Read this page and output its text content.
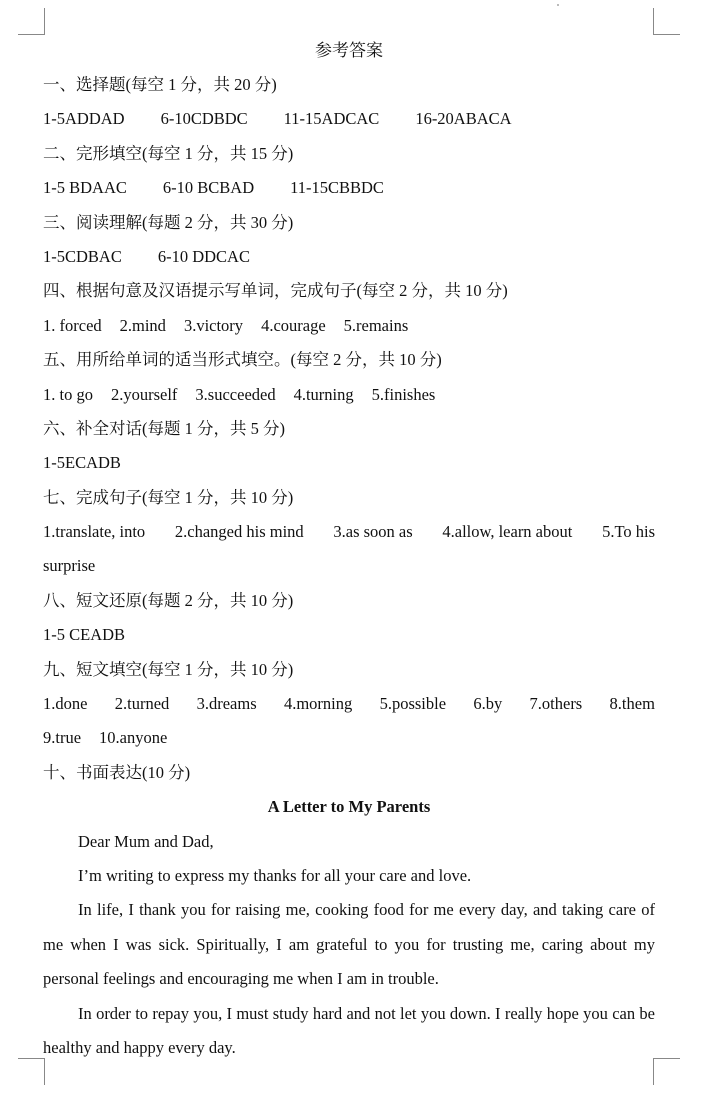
参考答案
一、选择题(每空 1 分，共 20 分)
1-5ADDAD 6-10CDBDC 11-15ADCAC 16-20ABACA
二、完形填空(每空 1 分，共 15 分)
1-5 BDAAC 6-10 BCBAD 11-15CBBDC
三、阅读理解(每题 2 分，共 30 分)
1-5CDBAC 6-10 DDCAC
四、根据句意及汉语提示写单词，完成句子(每空 2 分，共 10 分)
1. forced 2.mind 3.victory 4.courage 5.remains
五、用所给单词的适当形式填空。(每空 2 分，共 10 分)
1. to go 2.yourself 3.succeeded 4.turning 5.finishes
六、补全对话(每题 1 分，共 5 分)
1-5ECADB
七、完成句子(每空 1 分，共 10 分)
1.translate, into 2.changed his mind 3.as soon as 4.allow, learn about 5.To his
surprise
八、短文还原(每题 2 分，共 10 分)
1-5 CEADB
九、短文填空(每空 1 分，共 10 分)
1.done 2.turned 3.dreams 4.morning 5.possible 6.by 7.others 8.them
9.true 10.anyone
十、书面表达(10 分)
A Letter to My Parents

Dear Mum and Dad,

I’m writing to express my thanks for all your care and love.

In life, I thank you for raising me, cooking food for me every day, and taking care of me when I was sick. Spiritually, I am grateful to you for trusting me, caring about my personal feelings and encouraging me when I am in trouble.

In order to repay you, I must study hard and not let you down. I really hope you can be healthy and happy every day.
